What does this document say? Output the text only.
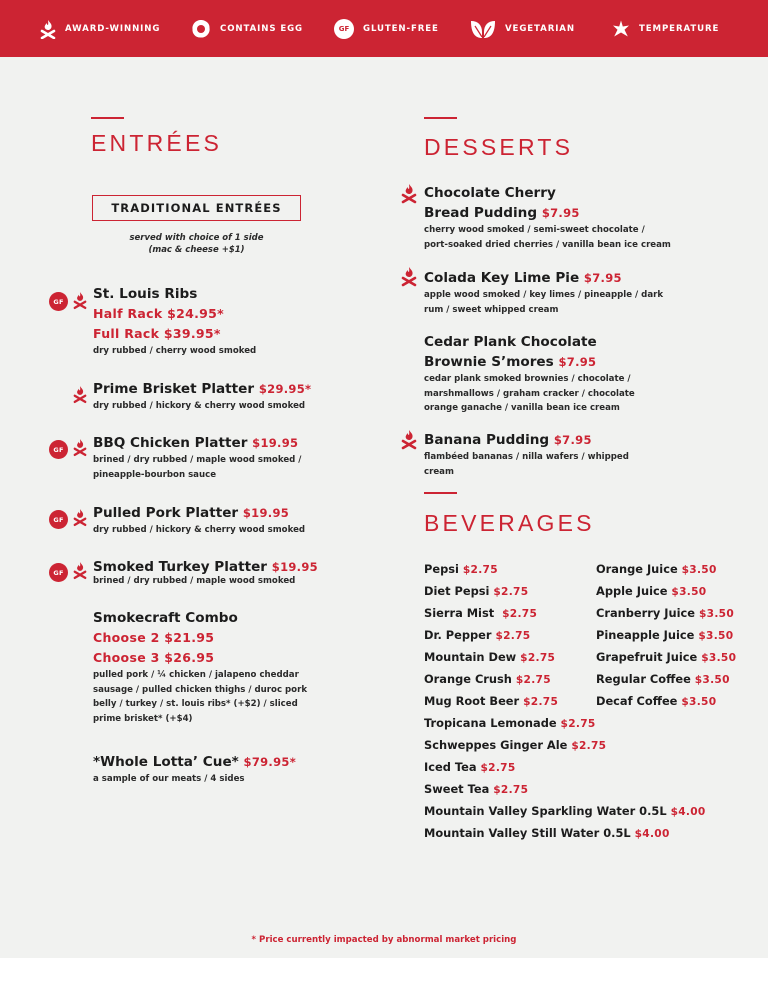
AWARD-WINNING	CONTAINS EGG	GF	GLUTEN-FREE	VEGETARIAN	TEMPERATURE
ENTRÉES
TRADITIONAL ENTRÉES
served with choice of 1 side
(mac & cheese +$1)
GF	St. Louis Ribs
Half Rack $24.95*
Full Rack $39.95*
dry rubbed / cherry wood smoked
Prime Brisket Platter $29.95*
dry rubbed / hickory & cherry wood smoked
GF	BBQ Chicken Platter $19.95
brined / dry rubbed / maple wood smoked /
pineapple-bourbon sauce
GF	Pulled Pork Platter $19.95
dry rubbed / hickory & cherry wood smoked
GF	Smoked Turkey Platter $19.95
brined / dry rubbed / maple wood smoked
Smokecraft Combo
Choose 2 $21.95
Choose 3 $26.95
pulled pork / ¼ chicken / jalapeno cheddar
sausage / pulled chicken thighs / duroc pork
belly / turkey / st. louis ribs* (+$2) / sliced
prime brisket* (+$4)
*Whole Lotta’ Cue* $79.95*
a sample of our meats / 4 sides
DESSERTS
Chocolate Cherry
Bread Pudding $7.95
cherry wood smoked / semi-sweet chocolate /
port-soaked dried cherries / vanilla bean ice cream
Colada Key Lime Pie $7.95
apple wood smoked / key limes / pineapple / dark
rum / sweet whipped cream
Cedar Plank Chocolate
Brownie S’mores $7.95
cedar plank smoked brownies / chocolate /
marshmallows / graham cracker / chocolate
orange ganache / vanilla bean ice cream
Banana Pudding $7.95
flambéed bananas / nilla wafers / whipped
cream
BEVERAGES
Pepsi $2.75
Diet Pepsi $2.75
Sierra Mist $2.75
Dr. Pepper $2.75
Mountain Dew $2.75
Orange Crush $2.75
Mug Root Beer $2.75
Tropicana Lemonade $2.75
Schweppes Ginger Ale $2.75
Iced Tea $2.75
Sweet Tea $2.75
Mountain Valley Sparkling Water 0.5L $4.00
Mountain Valley Still Water 0.5L $4.00
Orange Juice $3.50
Apple Juice $3.50
Cranberry Juice $3.50
Pineapple Juice $3.50
Grapefruit Juice $3.50
Regular Coffee $3.50
Decaf Coffee $3.50
* Price currently impacted by abnormal market pricing
